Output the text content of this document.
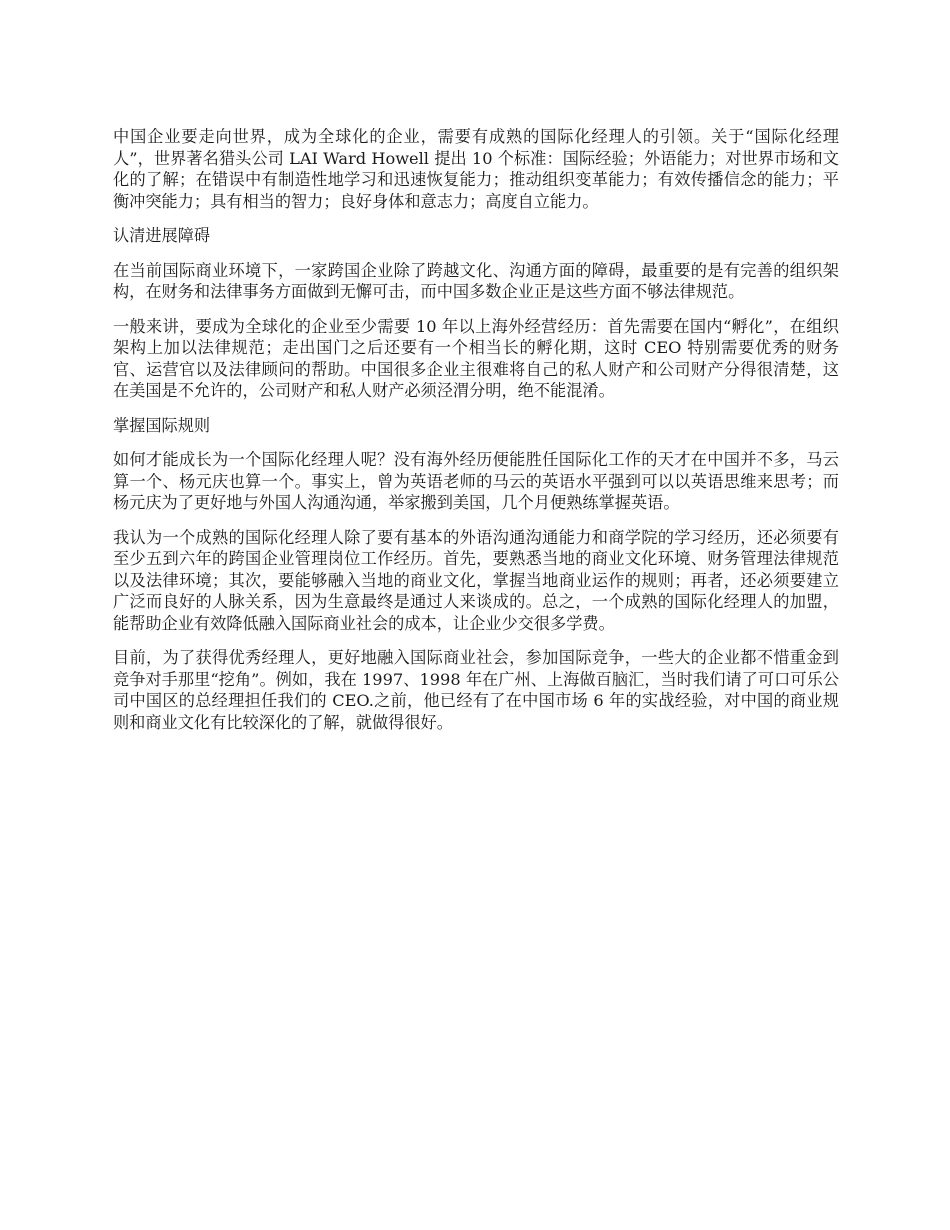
中国企业要走向世界，成为全球化的企业，需要有成熟的国际化经理人的引领。关于“国际化经理人”，世界著名猎头公司 LAI Ward Howell 提出 10 个标准：国际经验；外语能力；对世界市场和文化的了解；在错误中有制造性地学习和迅速恢复能力；推动组织变革能力；有效传播信念的能力；平衡冲突能力；具有相当的智力；良好身体和意志力；高度自立能力。

认清进展障碍

在当前国际商业环境下，一家跨国企业除了跨越文化、沟通方面的障碍，最重要的是有完善的组织架构，在财务和法律事务方面做到无懈可击，而中国多数企业正是这些方面不够法律规范。

一般来讲，要成为全球化的企业至少需要 10 年以上海外经营经历：首先需要在国内“孵化”，在组织架构上加以法律规范；走出国门之后还要有一个相当长的孵化期，这时 CEO 特别需要优秀的财务官、运营官以及法律顾问的帮助。中国很多企业主很难将自己的私人财产和公司财产分得很清楚，这在美国是不允许的，公司财产和私人财产必须泾渭分明，绝不能混淆。

掌握国际规则

如何才能成长为一个国际化经理人呢？没有海外经历便能胜任国际化工作的天才在中国并不多，马云算一个、杨元庆也算一个。事实上，曾为英语老师的马云的英语水平强到可以以英语思维来思考；而杨元庆为了更好地与外国人沟通沟通，举家搬到美国，几个月便熟练掌握英语。

我认为一个成熟的国际化经理人除了要有基本的外语沟通沟通能力和商学院的学习经历，还必须要有至少五到六年的跨国企业管理岗位工作经历。首先，要熟悉当地的商业文化环境、财务管理法律规范以及法律环境；其次，要能够融入当地的商业文化，掌握当地商业运作的规则；再者，还必须要建立广泛而良好的人脉关系，因为生意最终是通过人来谈成的。总之，一个成熟的国际化经理人的加盟，能帮助企业有效降低融入国际商业社会的成本，让企业少交很多学费。

目前，为了获得优秀经理人，更好地融入国际商业社会，参加国际竞争，一些大的企业都不惜重金到竞争对手那里“挖角”。例如，我在 1997、1998 年在广州、上海做百脑汇，当时我们请了可口可乐公司中国区的总经理担任我们的 CEO.之前，他已经有了在中国市场 6 年的实战经验，对中国的商业规则和商业文化有比较深化的了解，就做得很好。
